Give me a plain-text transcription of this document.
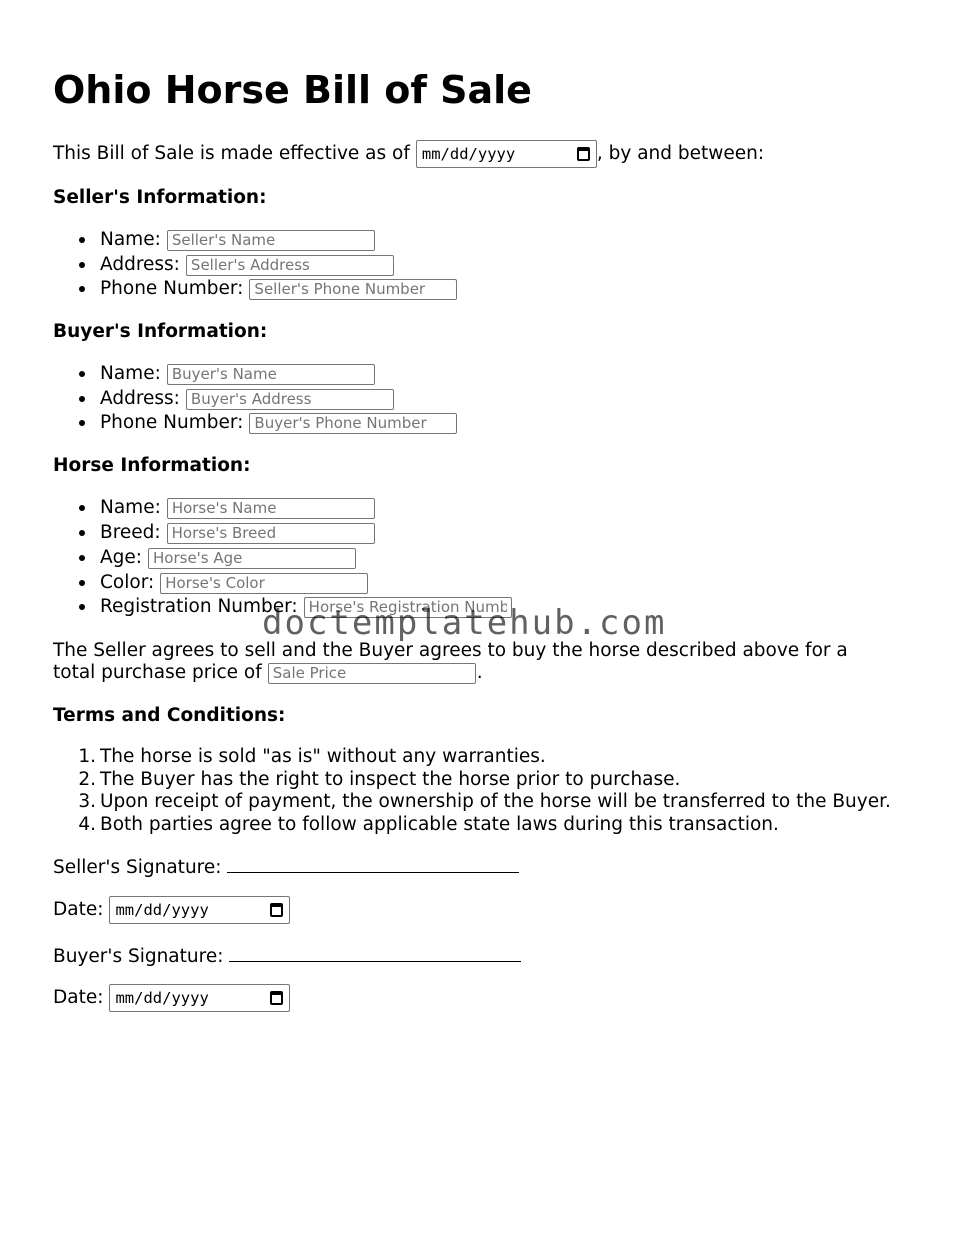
Ohio Horse Bill of Sale
This Bill of Sale is made effective as of mm/dd/yyyy	, by and between:
Seller's Information:
Name:
Seller's Name
Address:
Seller's Address
Phone Number:
Seller's Phone Number
Buyer's Information:
Name:
Buyer's Name
Address:
Buyer's Address
Phone Number:
Buyer's Phone Number
Horse Information:
Name:
Horse's Name
Breed:
Horse's Breed
Age:
Horse's Age
Color:
Horse's Color
Registration Number:
Horse's Registration Number
The Seller agrees to sell and the Buyer agrees to buy the horse described above for a
total purchase price of
Sale Price	.
Terms and Conditions:
1. The horse is sold "as is" without any warranties.
2. The Buyer has the right to inspect the horse prior to purchase.
3. Upon receipt of payment, the ownership of the horse will be transferred to the Buyer.
4. Both parties agree to follow applicable state laws during this transaction.
Seller's Signature:
Date: mm/dd/yyyy
Buyer's Signature:
Date: mm/dd/yyyy
doctemplatehub.com
